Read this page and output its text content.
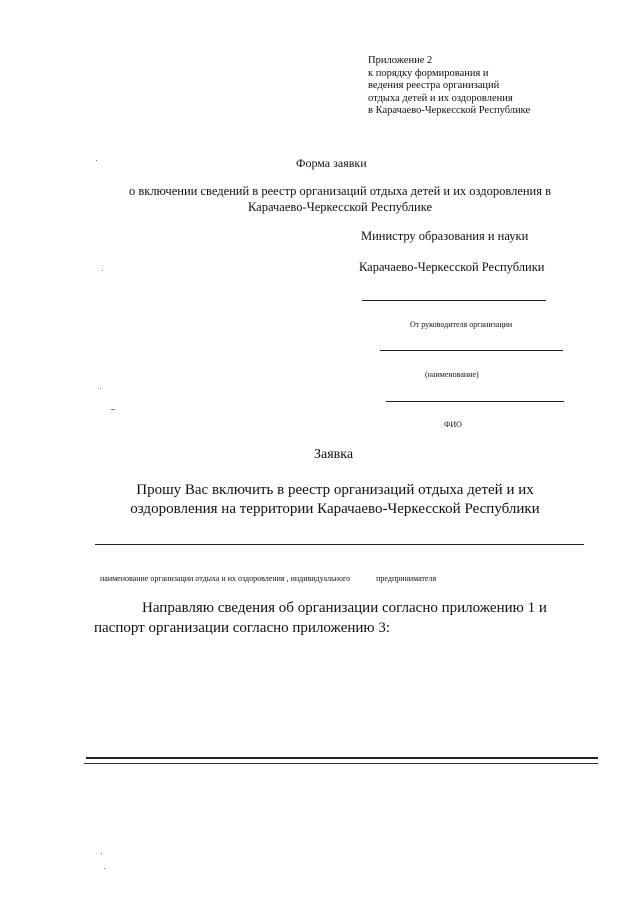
Приложение 2
к порядку формирования и
ведения реестра организаций
отдыха детей и их оздоровления
в Карачаево-Черкесской Республике
Форма заявки
о включении сведений в реестр организаций отдыха детей и их оздоровления в Карачаево-Черкесской Республике
Министру образования и науки
Карачаево-Черкесской Республики
От руководителя организации
(наименование)
ФИО
Заявка
Прошу Вас включить в реестр организаций отдыха детей и их оздоровления на территории Карачаево-Черкесской Республики
наименование организации отдыха и их оздоровления , индивидуального	предпринимателя
Направляю сведения об организации согласно приложению 1 и паспорт организации согласно приложению 3:
